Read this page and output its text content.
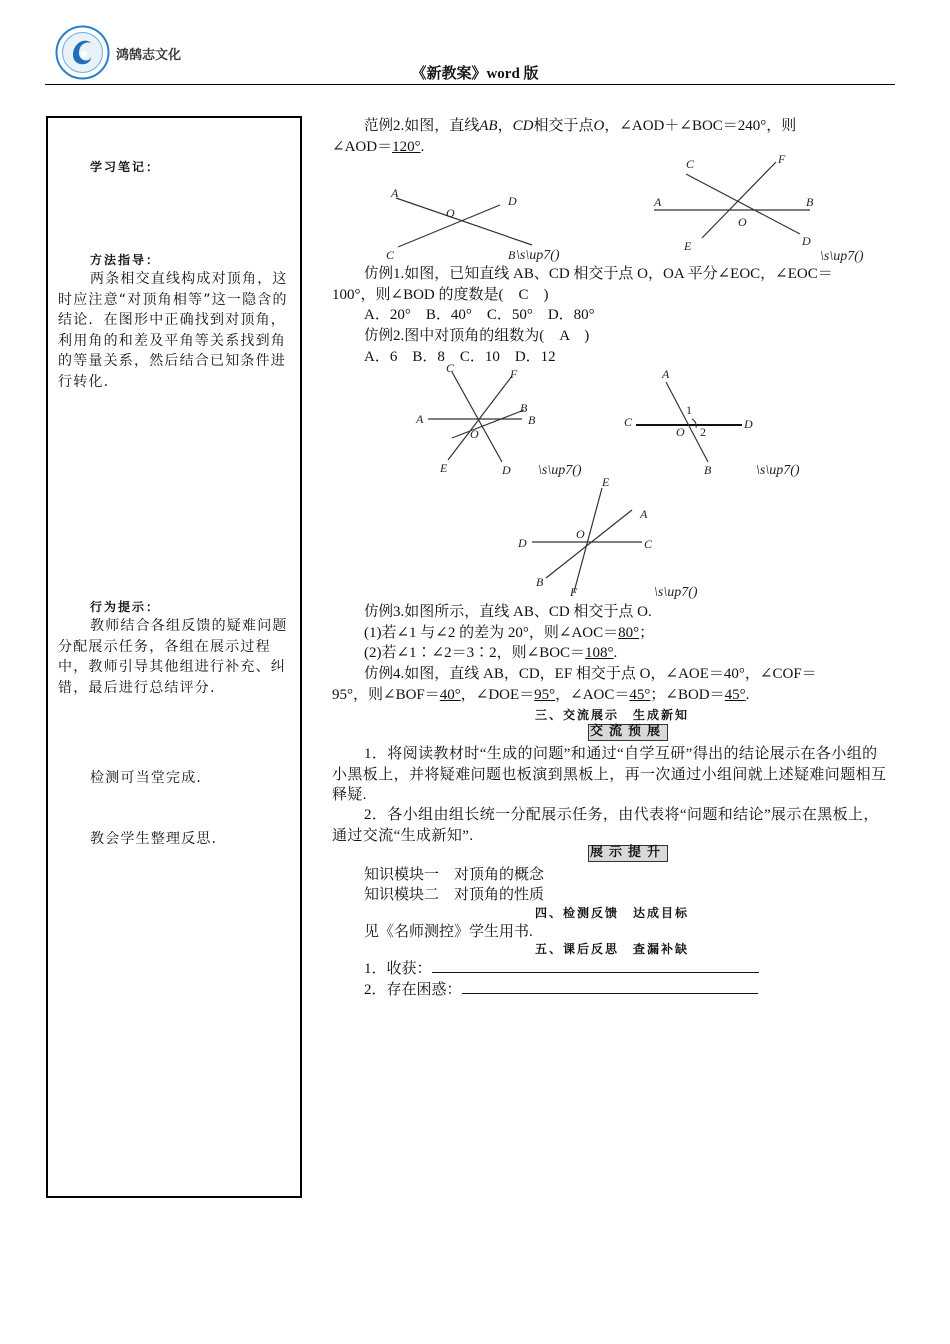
鸿鹄志文化
《新教案》word 版
学习笔记：
方法指导：
两条相交直线构成对顶角，这时应注意“对顶角相等”这一隐含的结论．在图形中正确找到对顶角，利用角的和差及平角等关系找到角的等量关系，然后结合已知条件进行转化.
行为提示：
教师结合各组反馈的疑难问题分配展示任务，各组在展示过程中，教师引导其他组进行补充、纠错，最后进行总结评分.
检测可当堂完成.
教会学生整理反思.
范例2.如图，直线AB，CD相交于点O，∠AOD＋∠BOC＝240°，则
∠AOD＝120°.
A
D
O
C	B \s\up7()
C	F
A	B
O
E	D
\s\up7()
仿例1.如图，已知直线 AB、CD 相交于点 O，OA 平分∠EOC，∠EOC＝
100°，则∠BOD 的度数是(　C　)
A．20°　B．40°　C．50°　D．80°
仿例2.图中对顶角的组数为(　A　)
A．6　B．8　C．10　D．12
C	F
A
B
B
O
E	D \s\up7()
A
1
C
O 2
D
B	\s\up7()
E
A
O
D	C
B
F	\s\up7()
仿例3.如图所示，直线 AB、CD 相交于点 O.
(1)若∠1 与∠2 的差为 20°，则∠AOC＝80°；
(2)若∠1∶∠2＝3∶2，则∠BOC＝108°.
仿例4.如图，直线 AB，CD，EF 相交于点 O，∠AOE＝40°，∠COF＝
95°，则∠BOF＝40°，∠DOE＝95°，∠AOC＝45°；∠BOD＝45°.
三、交流展示　生成新知
交流预展
1．将阅读教材时“生成的问题”和通过“自学互研”得出的结论展示在各小组的小黑板上，并将疑难问题也板演到黑板上，再一次通过小组间就上述疑难问题相互释疑.
2．各小组由组长统一分配展示任务，由代表将“问题和结论”展示在黑板上，通过交流“生成新知”.
展示提升
知识模块一　对顶角的概念
知识模块二　对顶角的性质
四、检测反馈　达成目标
见《名师测控》学生用书.
五、课后反思　查漏补缺
1．收获：
2．存在困惑：
